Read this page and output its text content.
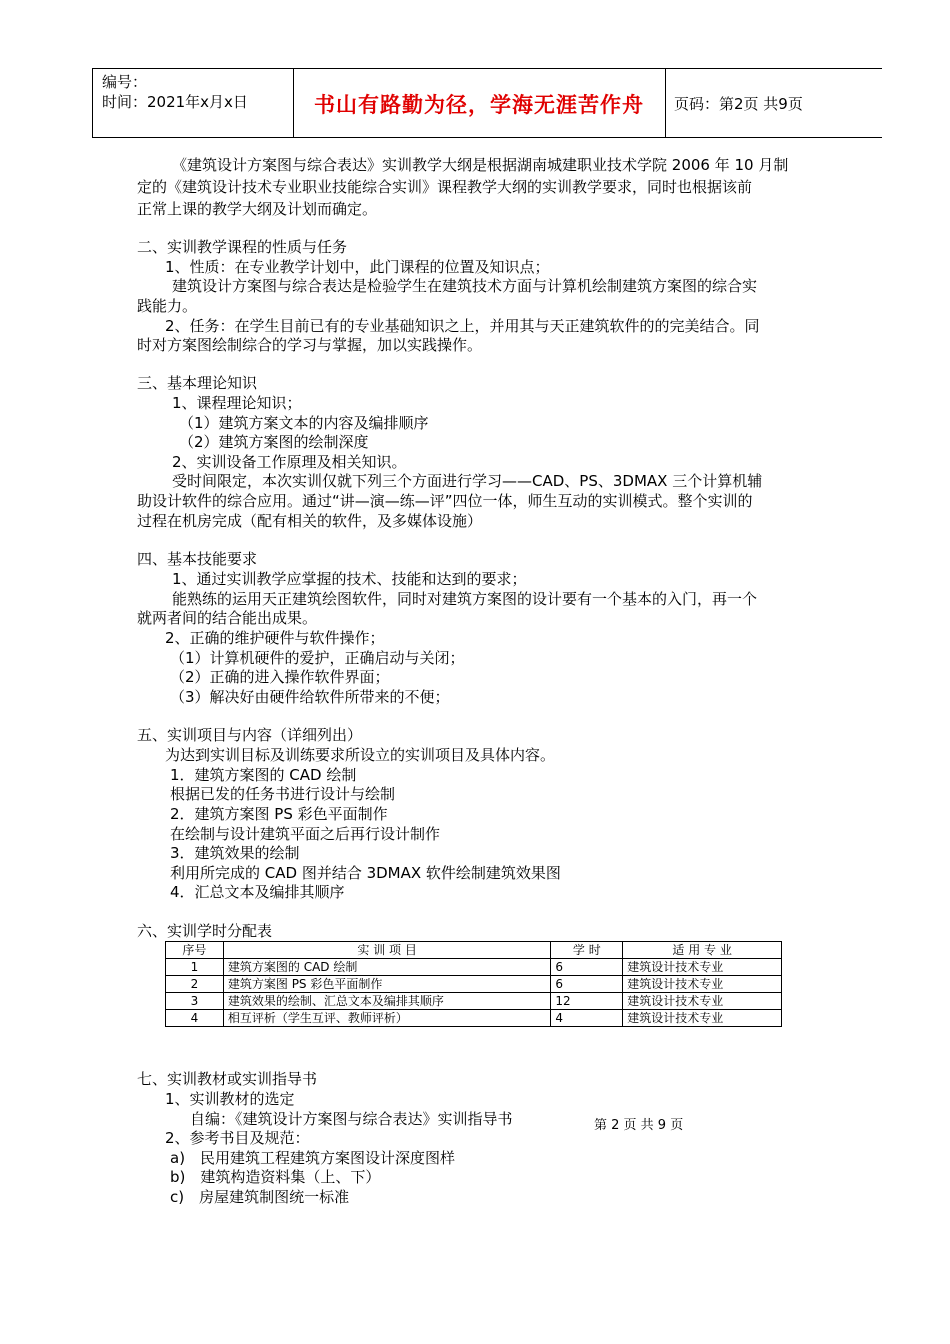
编号：
时间：2021年x月x日	书山有路勤为径，学海无涯苦作舟	页码：第2页 共9页
《建筑设计方案图与综合表达》实训教学大纲是根据湖南城建职业技术学院 2006 年 10 月制
定的《建筑设计技术专业职业技能综合实训》课程教学大纲的实训教学要求，同时也根据该前
正常上课的教学大纲及计划而确定。
二、实训教学课程的性质与任务
1、性质：在专业教学计划中，此门课程的位置及知识点；
建筑设计方案图与综合表达是检验学生在建筑技术方面与计算机绘制建筑方案图的综合实
践能力。
2、任务：在学生目前已有的专业基础知识之上，并用其与天正建筑软件的的完美结合。同
时对方案图绘制综合的学习与掌握，加以实践操作。
三、基本理论知识
1、课程理论知识；
（1）建筑方案文本的内容及编排顺序
（2）建筑方案图的绘制深度
2、实训设备工作原理及相关知识。
受时间限定，本次实训仅就下列三个方面进行学习——CAD、PS、3DMAX 三个计算机辅
助设计软件的综合应用。通过“讲—演—练—评”四位一体，师生互动的实训模式。整个实训的
过程在机房完成（配有相关的软件，及多媒体设施）
四、基本技能要求
1、通过实训教学应掌握的技术、技能和达到的要求；
能熟练的运用天正建筑绘图软件，同时对建筑方案图的设计要有一个基本的入门，再一个
就两者间的结合能出成果。
2、正确的维护硬件与软件操作；
（1）计算机硬件的爱护，正确启动与关闭；
（2）正确的进入操作软件界面；
（3）解决好由硬件给软件所带来的不便；
五、实训项目与内容（详细列出）
为达到实训目标及训练要求所设立的实训项目及具体内容。
1．建筑方案图的 CAD 绘制
根据已发的任务书进行设计与绘制
2．建筑方案图 PS 彩色平面制作
在绘制与设计建筑平面之后再行设计制作
3．建筑效果的绘制
利用所完成的 CAD 图并结合 3DMAX 软件绘制建筑效果图
4．汇总文本及编排其顺序
六、实训学时分配表
序号	实 训 项 目	学 时	适 用 专 业
1	建筑方案图的 CAD 绘制	6	建筑设计技术专业
2	建筑方案图 PS 彩色平面制作	6	建筑设计技术专业
3	建筑效果的绘制、汇总文本及编排其顺序	12	建筑设计技术专业
4	相互评析（学生互评、教师评析）	4	建筑设计技术专业
七、实训教材或实训指导书
1、实训教材的选定
自编：《建筑设计方案图与综合表达》实训指导书
2、参考书目及规范：
a)　民用建筑工程建筑方案图设计深度图样
b)　建筑构造资料集（上、下）
c)　房屋建筑制图统一标准
第 2 页 共 9 页
